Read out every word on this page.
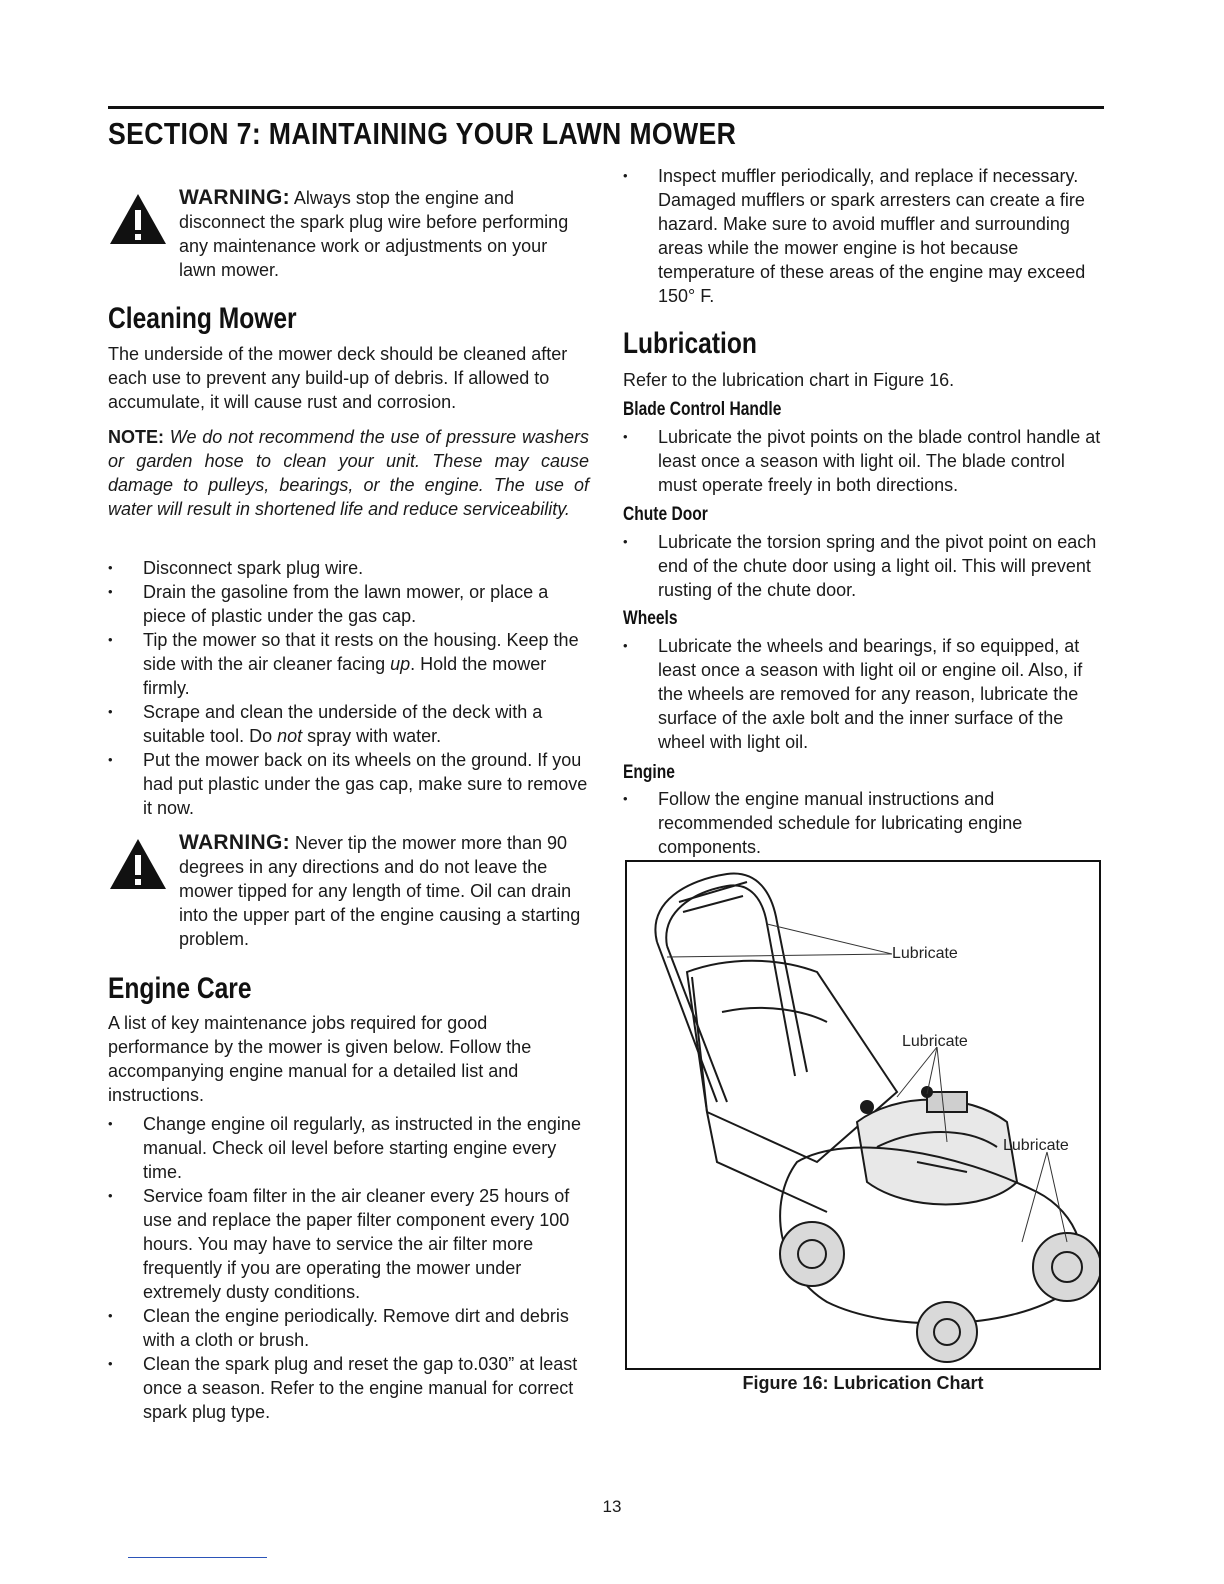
SECTION 7: MAINTAINING YOUR LAWN MOWER
WARNING: Always stop the engine and disconnect the spark plug wire before performing any maintenance work or adjustments on your lawn mower.
Cleaning Mower

The underside of the mower deck should be cleaned after each use to prevent any build-up of debris. If allowed to accumulate, it will cause rust and corrosion.

NOTE: We do not recommend the use of pressure washers or garden hose to clean your unit. These may cause damage to pulleys, bearings, or the engine. The use of water will result in shortened life and reduce serviceability.

• Disconnect spark plug wire.
• Drain the gasoline from the lawn mower, or place a piece of plastic under the gas cap.
• Tip the mower so that it rests on the housing. Keep the side with the air cleaner facing up. Hold the mower firmly.
• Scrape and clean the underside of the deck with a suitable tool. Do not spray with water.
• Put the mower back on its wheels on the ground. If you had put plastic under the gas cap, make sure to remove it now.
WARNING: Never tip the mower more than 90 degrees in any directions and do not leave the mower tipped for any length of time. Oil can drain into the upper part of the engine causing a starting problem.
Engine Care

A list of key maintenance jobs required for good performance by the mower is given below. Follow the accompanying engine manual for a detailed list and instructions.

• Change engine oil regularly, as instructed in the engine manual. Check oil level before starting engine every time.
• Service foam filter in the air cleaner every 25 hours of use and replace the paper filter component every 100 hours. You may have to service the air filter more frequently if you are operating the mower under extremely dusty conditions.
• Clean the engine periodically. Remove dirt and debris with a cloth or brush.
• Clean the spark plug and reset the gap to.030” at least once a season. Refer to the engine manual for correct spark plug type.
• Inspect muffler periodically, and replace if necessary. Damaged mufflers or spark arresters can create a fire hazard. Make sure to avoid muffler and surrounding areas while the mower engine is hot because temperature of these areas of the engine may exceed 150° F.
Lubrication

Refer to the lubrication chart in Figure 16.

Blade Control Handle
• Lubricate the pivot points on the blade control handle at least once a season with light oil. The blade control must operate freely in both directions.
Chute Door
• Lubricate the torsion spring and the pivot point on each end of the chute door using a light oil. This will prevent rusting of the chute door.
Wheels
• Lubricate the wheels and bearings, if so equipped, at least once a season with light oil or engine oil. Also, if the wheels are removed for any reason, lubricate the surface of the axle bolt and the inner surface of the wheel with light oil.
Engine
• Follow the engine manual instructions and recommended schedule for lubricating engine components.
Lubricate
Lubricate
Lubricate
Figure 16: Lubrication Chart
13
